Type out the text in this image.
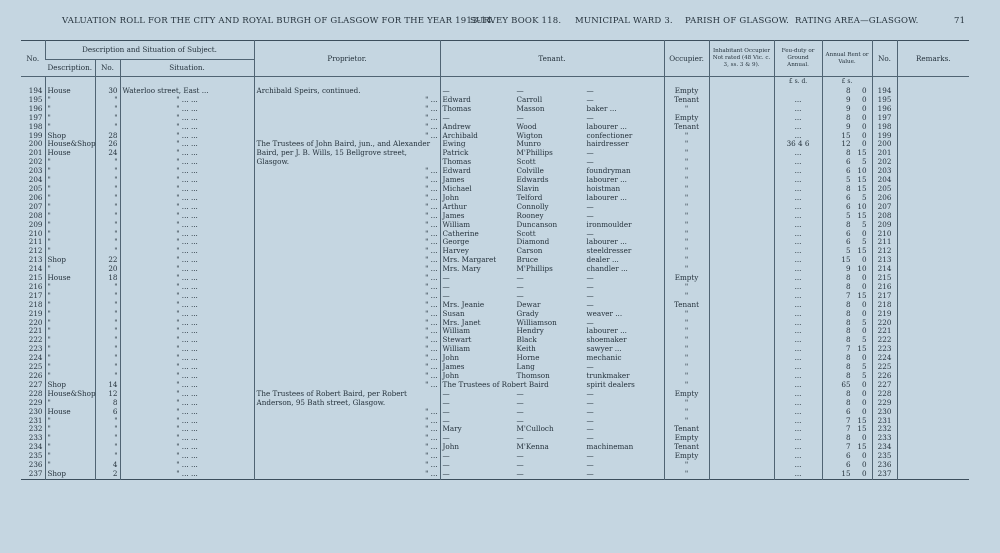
VALUATION ROLL FOR THE CITY AND ROYAL BURGH OF GLASGOW FOR THE YEAR 1913-14.
SURVEY BOOK 118. MUNICIPAL WARD 3. PARISH OF GLASGOW. RATING AREA—GLASGOW.	71
No.	Description and Situation of Subject.			Proprietor.	Tenant.	Occupier.	Inhabitant Occupier Not rated (48 Vic. c. 3, ss. 3 & 9).	Feu-duty or Ground Annual.	Annual Rent or Value.	No.	Remarks.
	Description.	No.	Situation.								
								£ s. d.	£ s.		
194	House	30	Waterloo street, East ...	Archibald Speirs, continued.	— — —	Empty			8 0	194	
195	"	"	" ... ...	" ...	Edward Carroll —	Tenant		...	9 0	195	
196	"	"	" ... ...	" ...	Thomas Masson baker ...	"		...	9 0	196	
197	"	"	" ... ...	" ...	— — —	Empty		...	8 0	197	
198	"	"	" ... ...	" ...	Andrew Wood labourer ...	Tenant		...	9 0	198	
199	Shop	28	" ... ...	" ...	Archibald Wigton confectioner	"		...	15 0	199	
200	House&Shop	26	" ... ...	The Trustees of John Baird, jun., and Alexander	Ewing Munro hairdresser	"		36 4 6	12 0	200	
201	House	24	" ... ...	Baird, per J. B. Wills, 15 Bellgrove street,	Patrick M'Phillips —	"		...	8 15	201	
202	"	"	" ... ...	Glasgow.	Thomas Scott —	"		...	6 5	202	
203	"	"	" ... ...	" ...	Edward Colville foundryman	"		...	6 10	203	
204	"	"	" ... ...	" ...	James Edwards labourer ...	"		...	5 15	204	
205	"	"	" ... ...	" ...	Michael Slavin hoistman	"		...	8 15	205	
206	"	"	" ... ...	" ...	John Telford labourer ...	"		...	6 5	206	
207	"	"	" ... ...	" ...	Arthur Connolly —	"		...	6 10	207	
208	"	"	" ... ...	" ...	James Rooney —	"		...	5 15	208	
209	"	"	" ... ...	" ...	William Duncanson ironmoulder	"		...	8 5	209	
210	"	"	" ... ...	" ...	Catherine Scott —	"		...	6 0	210	
211	"	"	" ... ...	" ...	George Diamond labourer ...	"		...	6 5	211	
212	"	"	" ... ...	" ...	Harvey Carson steeldresser	"		...	5 15	212	
213	Shop	22	" ... ...	" ...	Mrs. Margaret Bruce dealer ...	"		...	15 0	213	
214	"	20	" ... ...	" ...	Mrs. Mary M'Phillips chandler ...	"		...	9 10	214	
215	House	18	" ... ...	" ...	— — —	Empty		...	8 0	215	
216	"	"	" ... ...	" ...	— — —	"		...	8 0	216	
217	"	"	" ... ...	" ...	— — —	"		...	7 15	217	
218	"	"	" ... ...	" ...	Mrs. Jeanie Dewar —	Tenant		...	8 0	218	
219	"	"	" ... ...	" ...	Susan Grady weaver ...	"		...	8 0	219	
220	"	"	" ... ...	" ...	Mrs. Janet Williamson —	"		...	8 5	220	
221	"	"	" ... ...	" ...	William Hendry labourer ...	"		...	8 0	221	
222	"	"	" ... ...	" ...	Stewart Black shoemaker	"		...	8 5	222	
223	"	"	" ... ...	" ...	William Keith sawyer ...	"		...	7 15	223	
224	"	"	" ... ...	" ...	John Horne mechanic	"		...	8 0	224	
225	"	"	" ... ...	" ...	James Lang —	"		...	8 5	225	
226	"	"	" ... ...	" ...	John Thomson trunkmaker	"		...	8 5	226	
227	Shop	14	" ... ...	" ...	The Trustees of Robert Baird spirit dealers	"		...	65 0	227	
228	House&Shop	12	" ... ...	The Trustees of Robert Baird, per Robert	— — —	Empty		...	8 0	228	
229	"	8	" ... ...	Anderson, 95 Bath street, Glasgow.	— — —	"		...	8 0	229	
230	House	6	" ... ...	" ...	— — —	"		...	6 0	230	
231	"	"	" ... ...	" ...	— — —	"		...	7 15	231	
232	"	"	" ... ...	" ...	Mary M'Culloch —	Tenant		...	7 15	232	
233	"	"	" ... ...	" ...	— — —	Empty		...	8 0	233	
234	"	"	" ... ...	" ...	John M'Kenna machineman	Tenant		...	7 15	234	
235	"	"	" ... ...	" ...	— — —	Empty		...	6 0	235	
236	"	4	" ... ...	" ...	— — —	"		...	6 0	236	
237	Shop	2	" ... ...	" ...	— — —	"		...	15 0	237	
